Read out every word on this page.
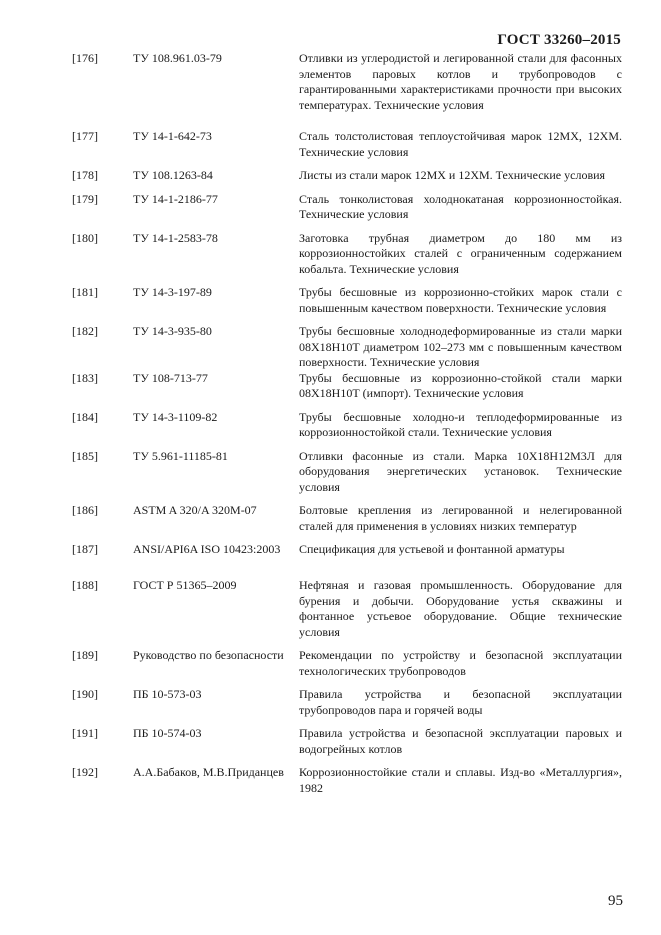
ГОСТ 33260–2015
[176]	ТУ 108.961.03-79	Отливки из углеродистой и легированной стали для фасонных элементов паровых котлов и трубопроводов с гарантированными характеристиками прочности при высоких температурах. Технические условия
[177]	ТУ 14-1-642-73	Сталь толстолистовая теплоустойчивая марок 12МХ, 12ХМ. Технические условия
[178]	ТУ 108.1263-84	Листы из стали марок 12МХ и 12ХМ. Технические условия
[179]	ТУ 14-1-2186-77	Сталь тонколистовая холоднокатаная коррозионностойкая. Технические условия
[180]	ТУ 14-1-2583-78	Заготовка трубная диаметром до 180 мм из коррозионностойких сталей с ограниченным содержанием кобальта. Технические условия
[181]	ТУ 14-3-197-89	Трубы бесшовные из коррозионно-стойких марок стали с повышенным качеством поверхности. Технические условия
[182]	ТУ 14-3-935-80	Трубы бесшовные холоднодеформированные из стали марки 08Х18Н10Т диаметром 102–273 мм с повышенным качеством поверхности. Технические условия
[183]	ТУ 108-713-77	Трубы бесшовные из коррозионно-стойкой стали марки 08Х18Н10Т (импорт). Технические условия
[184]	ТУ 14-3-1109-82	Трубы бесшовные холодно-и теплодеформированные из коррозионностойкой стали. Технические условия
[185]	ТУ 5.961-11185-81	Отливки фасонные из стали. Марка 10Х18Н12М3Л для оборудования энергетических установок. Технические условия
[186]	ASTM A 320/A 320M-07	Болтовые крепления из легированной и нелегированной сталей для применения в условиях низких температур
[187]	ANSI/API6A ISO 10423:2003	Спецификация для устьевой и фонтанной арматуры
[188]	ГОСТ Р 51365–2009	Нефтяная и газовая промышленность. Оборудование для бурения и добычи. Оборудование устья скважины и фонтанное устьевое оборудование. Общие технические условия
[189]	Руководство по безопасности	Рекомендации по устройству и безопасной эксплуатации технологических трубопроводов
[190]	ПБ 10-573-03	Правила устройства и безопасной эксплуатации трубопроводов пара и горячей воды
[191]	ПБ 10-574-03	Правила устройства и безопасной эксплуатации паровых и водогрейных котлов
[192]	А.А.Бабаков, М.В.Приданцев	Коррозионностойкие стали и сплавы. Изд-во «Металлургия», 1982
95
